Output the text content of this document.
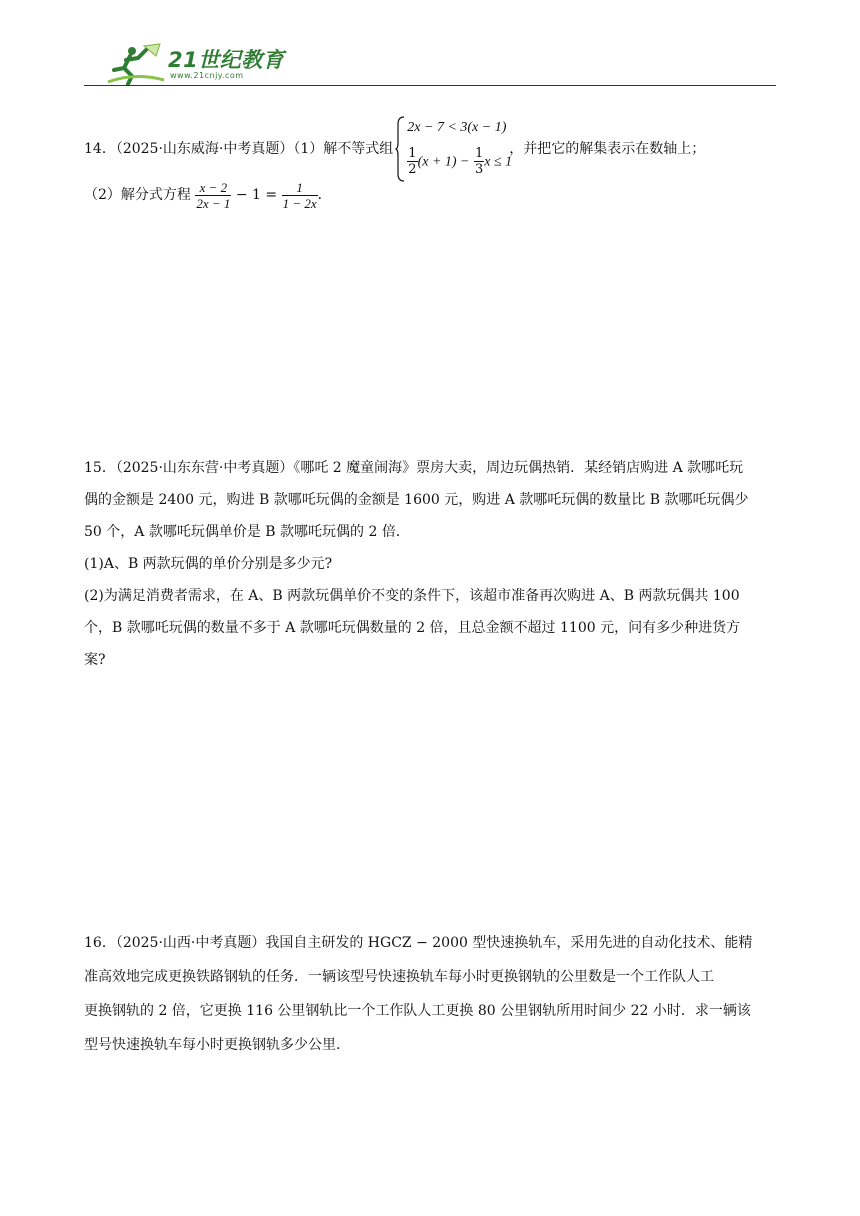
21世纪教育
www.21cnjy.com
14．（2025·山东威海·中考真题）（1）解不等式组
2x − 7 < 3(x − 1)
$\frac{1}{2} (x + 1) - \frac{1}{3}$ x ≤ 1
，并把它的解集表示在数轴上；
（2）解分式方程 $\frac{x - 2}{2x - 1} - 1 = \frac{1}{1 - 2x}$ ．
15．（2025·山东东营·中考真题）《哪吒 2 魔童闹海》票房大卖，周边玩偶热销．某经销店购进 A 款哪吒玩
偶的金额是 2400 元，购进 B 款哪吒玩偶的金额是 1600 元，购进 A 款哪吒玩偶的数量比 B 款哪吒玩偶少
50 个，A 款哪吒玩偶单价是 B 款哪吒玩偶的 2 倍．
(1)A、B 两款玩偶的单价分别是多少元?
(2)为满足消费者需求，在 A、B 两款玩偶单价不变的条件下，该超市准备再次购进 A、B 两款玩偶共 100
个，B 款哪吒玩偶的数量不多于 A 款哪吒玩偶数量的 2 倍，且总金额不超过 1100 元，问有多少种进货方
案?
16．（2025·山西·中考真题）我国自主研发的 HGCZ − 2000 型快速换轨车，采用先进的自动化技术、能精
准高效地完成更换铁路钢轨的任务．一辆该型号快速换轨车每小时更换钢轨的公里数是一个工作队人工
更换钢轨的 2 倍，它更换 116 公里钢轨比一个工作队人工更换 80 公里钢轨所用时间少 22 小时．求一辆该
型号快速换轨车每小时更换钢轨多少公里．
